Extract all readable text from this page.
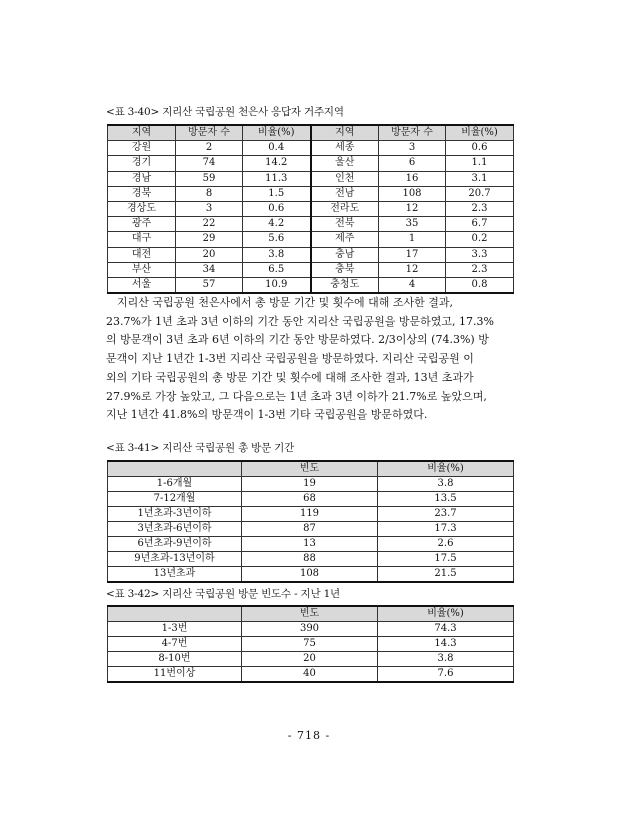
<표 3-40> 지리산 국립공원 천은사 응답자 거주지역
지역	방문자 수	비율(%)	지역	방문자 수	비율(%)
강원	2	0.4	세종	3	0.6
경기	74	14.2	울산	6	1.1
경남	59	11.3	인천	16	3.1
경북	8	1.5	전남	108	20.7
경상도	3	0.6	전라도	12	2.3
광주	22	4.2	전북	35	6.7
대구	29	5.6	제주	1	0.2
대전	20	3.8	충남	17	3.3
부산	34	6.5	충북	12	2.3
서울	57	10.9	충청도	4	0.8
지리산 국립공원 천은사에서 총 방문 기간 및 횟수에 대해 조사한 결과,
23.7%가 1년 초과 3년 이하의 기간 동안 지리산 국립공원을 방문하였고, 17.3%
의 방문객이 3년 초과 6년 이하의 기간 동안 방문하였다. 2/3이상의 (74.3%) 방
문객이 지난 1년간 1-3번 지리산 국립공원을 방문하였다. 지리산 국립공원 이
외의 기타 국립공원의 총 방문 기간 및 횟수에 대해 조사한 결과, 13년 초과가
27.9%로 가장 높았고, 그 다음으로는 1년 초과 3년 이하가 21.7%로 높았으며,
지난 1년간 41.8%의 방문객이 1-3번 기타 국립공원을 방문하였다.
<표 3-41> 지리산 국립공원 총 방문 기간
	빈도	비율(%)
1-6개월	19	3.8
7-12개월	68	13.5
1년초과-3년이하	119	23.7
3년초과-6년이하	87	17.3
6년초과-9년이하	13	2.6
9년초과-13년이하	88	17.5
13년초과	108	21.5
<표 3-42> 지리산 국립공원 방문 빈도수 - 지난 1년
	빈도	비율(%)
1-3번	390	74.3
4-7번	75	14.3
8-10번	20	3.8
11번이상	40	7.6
- 718 -
